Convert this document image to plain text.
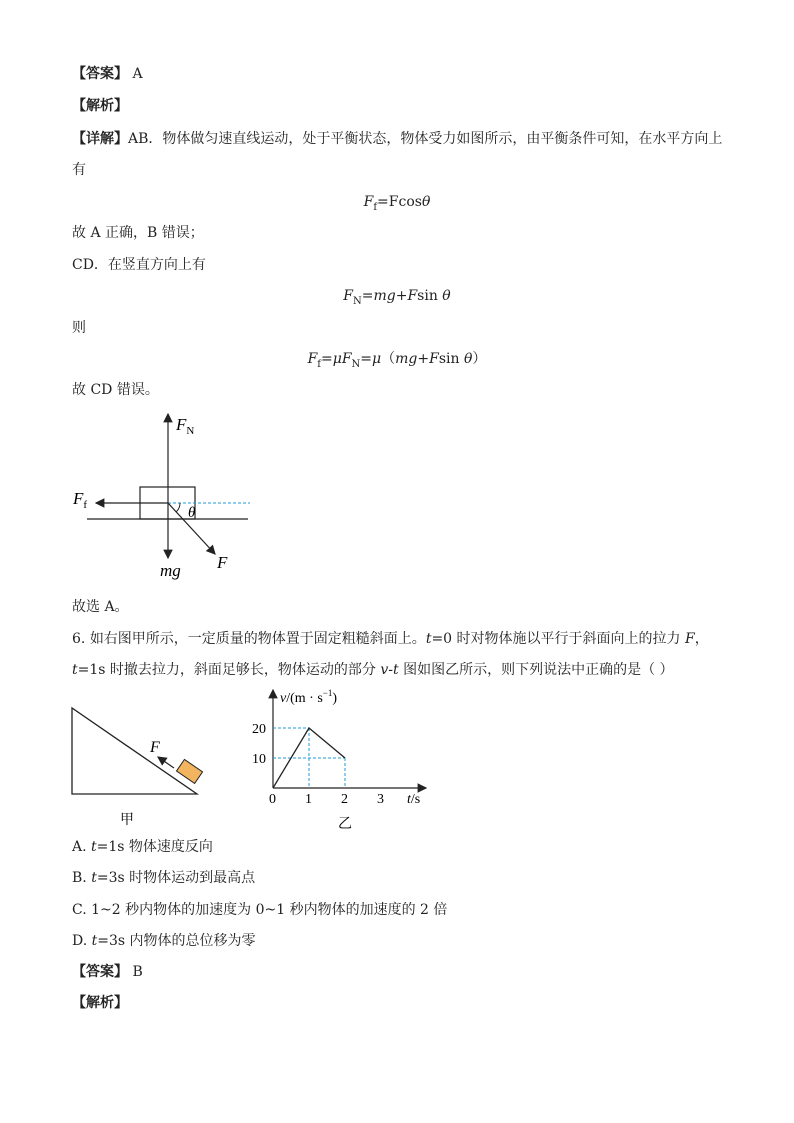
【答案】 A
【解析】
【详解】AB．物体做匀速直线运动，处于平衡状态，物体受力如图所示，由平衡条件可知，在水平方向上
有
$F_f=Fcos\theta$
故 A 正确，B 错误；
CD．在竖直方向上有
$F_N=mg+Fsin$ θ
则
$F_f=\mu F_N=\mu(mg+Fsin$ θ）
故 CD 错误。
$F_N$
$F_f$	θ
mg F
故选 A。
6. 如右图甲所示，一定质量的物体置于固定粗糙斜面上。t=0 时对物体施以平行于斜面向上的拉力 F，
t=1s 时撤去拉力，斜面足够长，物体运动的部分 v-t 图如图乙所示，则下列说法中正确的是（ ）
F
甲
$v/(m \cdot s^{-1})$
t/s
20
10
0 1 2 3
乙
A. t=1s 物体速度反向
B. t=3s 时物体运动到最高点
C. 1~2 秒内物体的加速度为 0~1 秒内物体的加速度的 2 倍
D. t=3s 内物体的总位移为零
【答案】 B
【解析】
